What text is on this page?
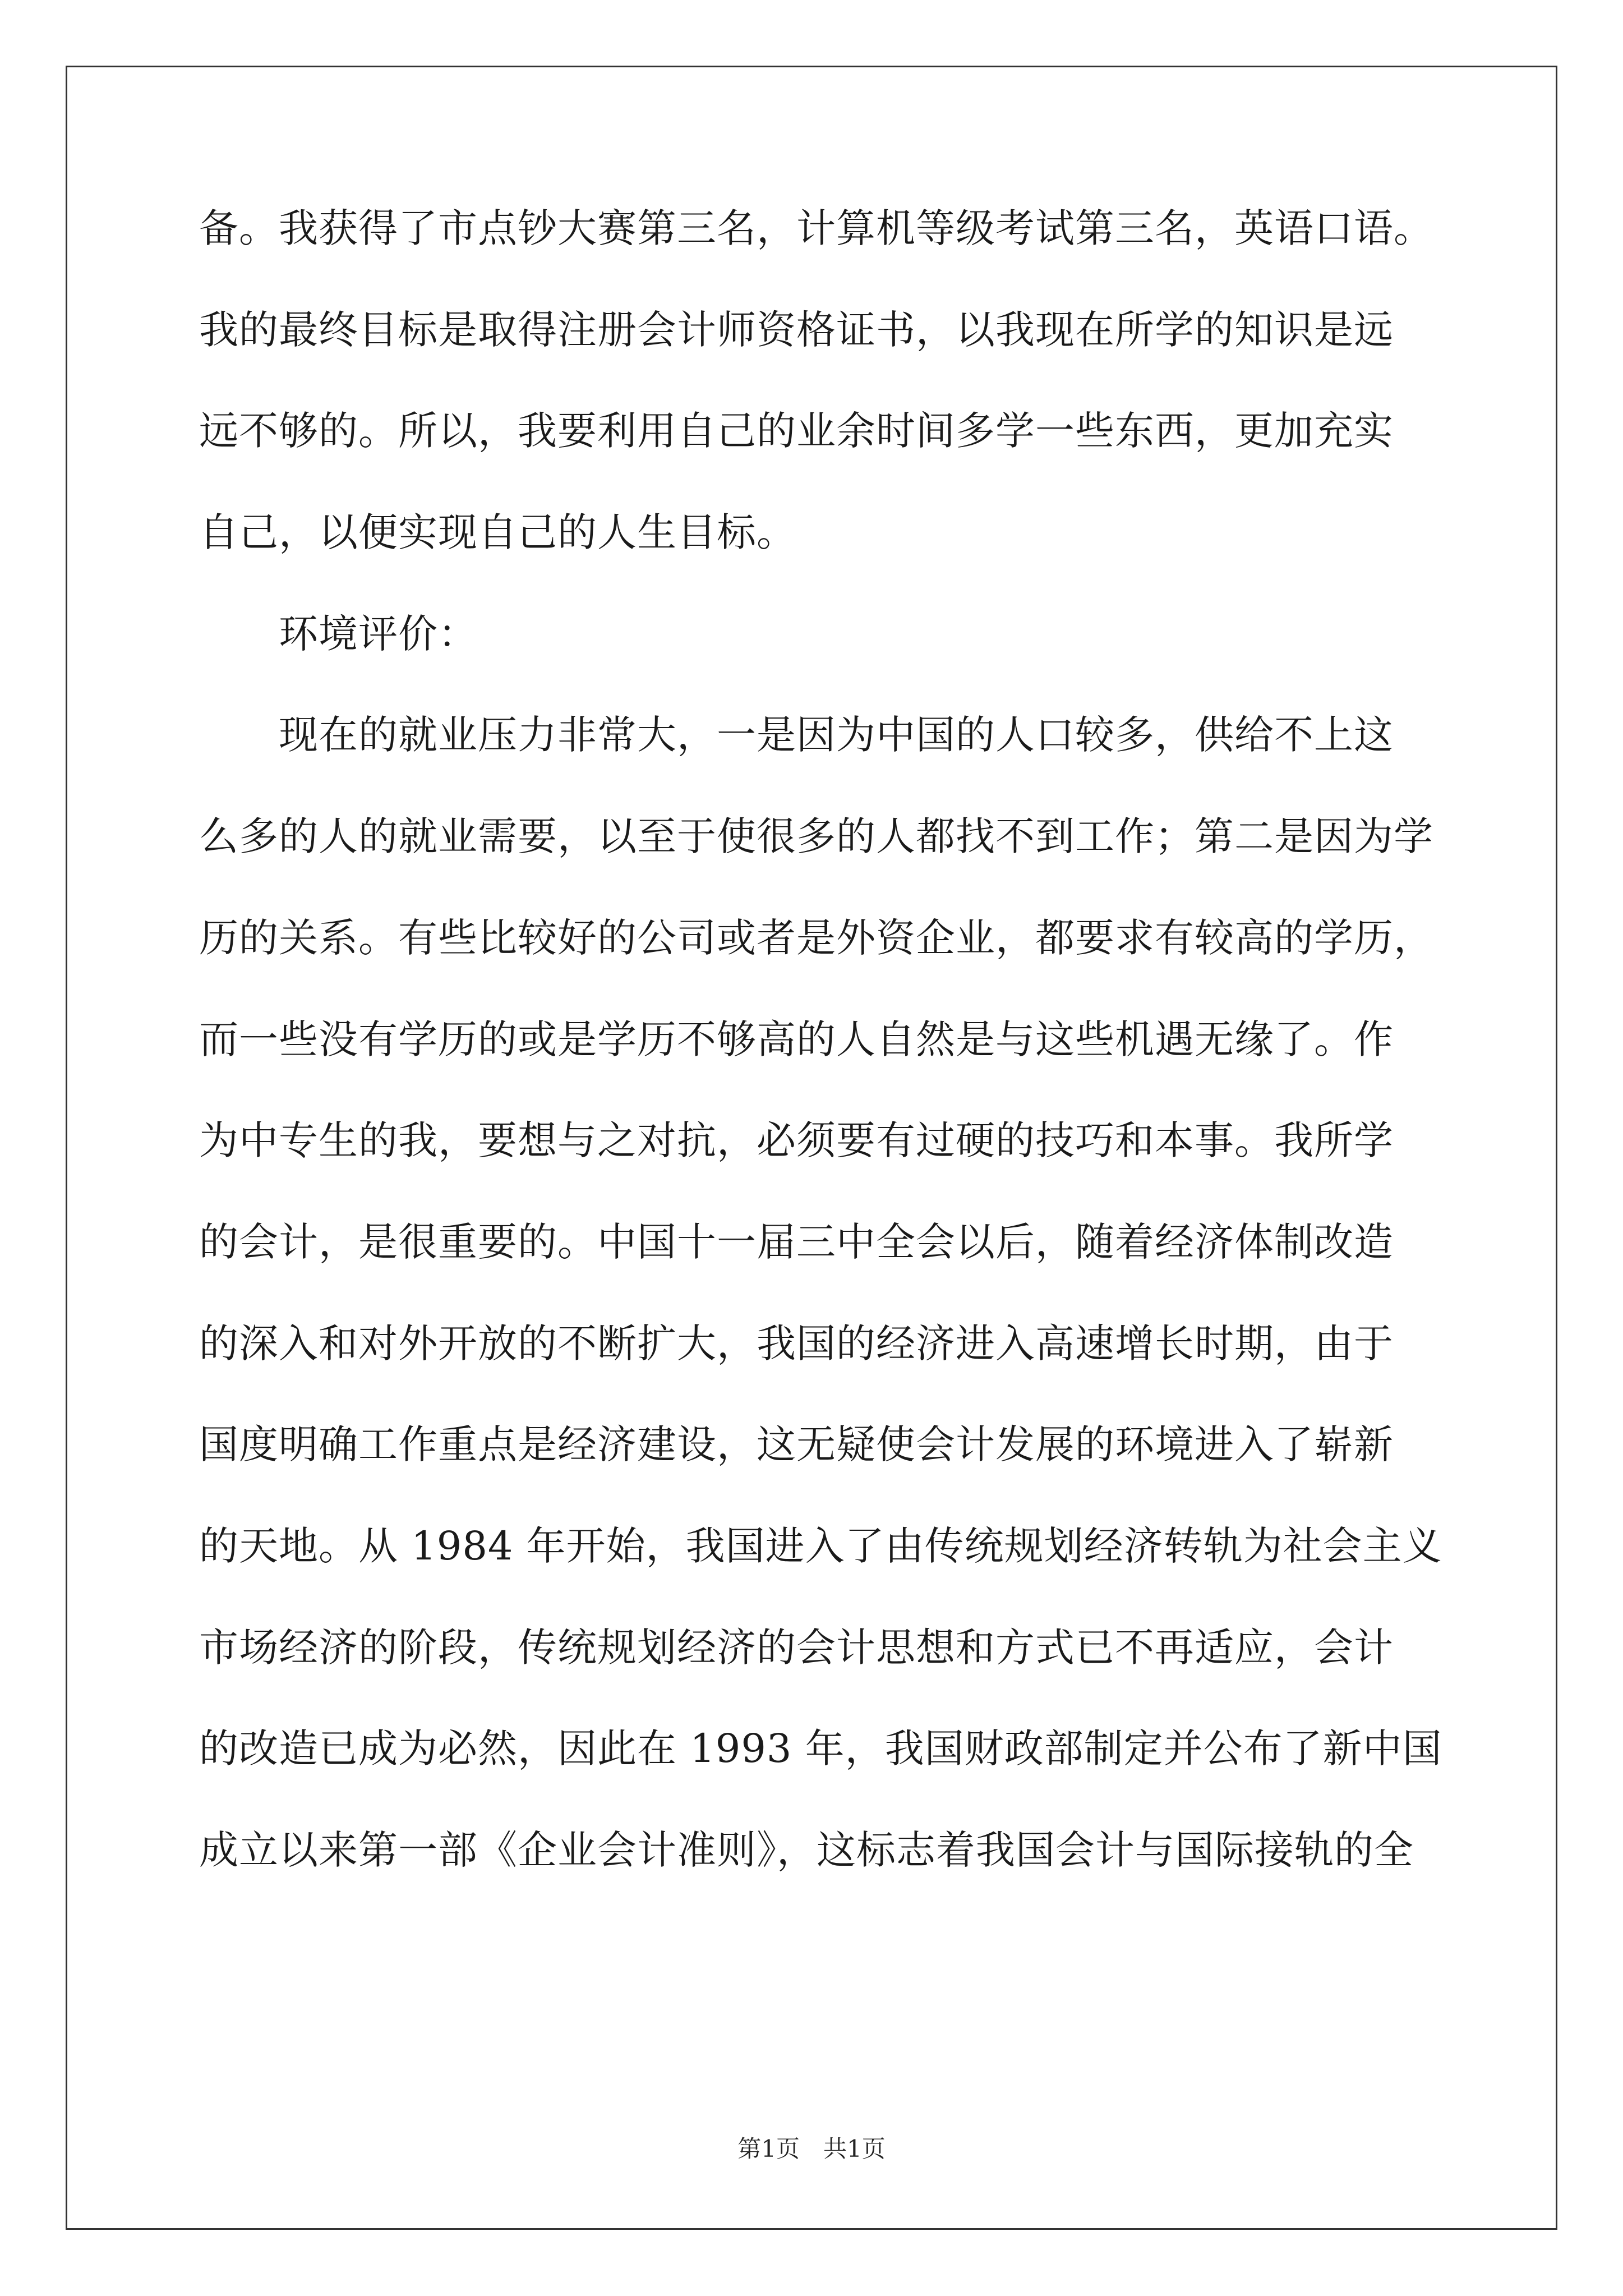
备。我获得了市点钞大赛第三名，计算机等级考试第三名，英语口语。
我的最终目标是取得注册会计师资格证书，以我现在所学的知识是远
远不够的。所以，我要利用自己的业余时间多学一些东西，更加充实
自己，以便实现自己的人生目标。
　　环境评价：
　　现在的就业压力非常大，一是因为中国的人口较多，供给不上这
么多的人的就业需要，以至于使很多的人都找不到工作；第二是因为学
历的关系。有些比较好的公司或者是外资企业，都要求有较高的学历，
而一些没有学历的或是学历不够高的人自然是与这些机遇无缘了。作
为中专生的我，要想与之对抗，必须要有过硬的技巧和本事。我所学
的会计，是很重要的。中国十一届三中全会以后，随着经济体制改造
的深入和对外开放的不断扩大，我国的经济进入高速增长时期，由于
国度明确工作重点是经济建设，这无疑使会计发展的环境进入了崭新
的天地。从 1984 年开始，我国进入了由传统规划经济转轨为社会主义
市场经济的阶段，传统规划经济的会计思想和方式已不再适应，会计
的改造已成为必然，因此在 1993 年，我国财政部制定并公布了新中国
成立以来第一部《企业会计准则》，这标志着我国会计与国际接轨的全
第1页　共1页
